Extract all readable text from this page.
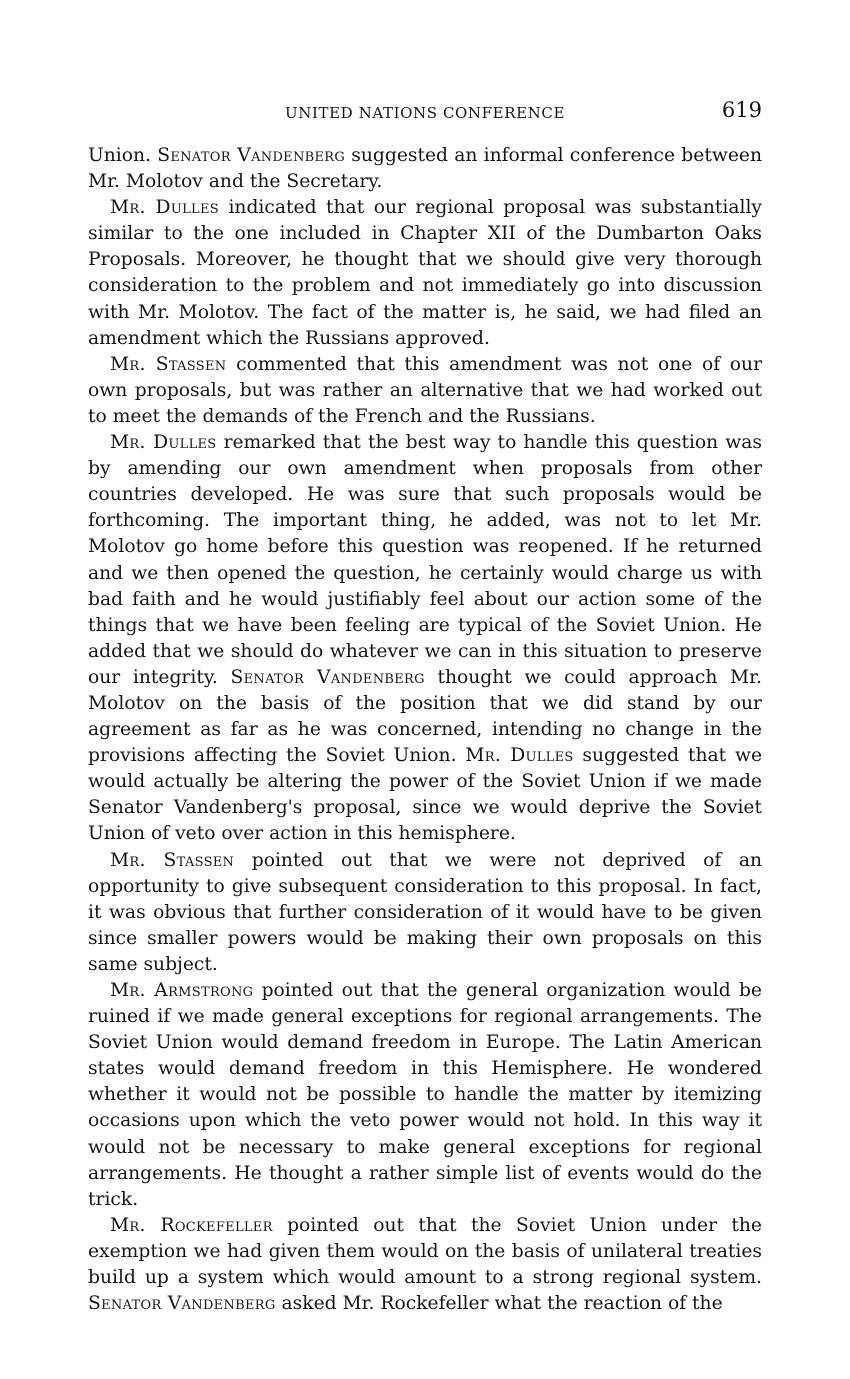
UNITED NATIONS CONFERENCE	619

Union. Senator Vandenberg suggested an informal conference between Mr. Molotov and the Secretary.

Mr. Dulles indicated that our regional proposal was substantially similar to the one included in Chapter XII of the Dumbarton Oaks Proposals. Moreover, he thought that we should give very thorough consideration to the problem and not immediately go into discussion with Mr. Molotov. The fact of the matter is, he said, we had filed an amendment which the Russians approved.

Mr. Stassen commented that this amendment was not one of our own proposals, but was rather an alternative that we had worked out to meet the demands of the French and the Russians.

Mr. Dulles remarked that the best way to handle this question was by amending our own amendment when proposals from other countries developed. He was sure that such proposals would be forthcoming. The important thing, he added, was not to let Mr. Molotov go home before this question was reopened. If he returned and we then opened the question, he certainly would charge us with bad faith and he would justifiably feel about our action some of the things that we have been feeling are typical of the Soviet Union. He added that we should do whatever we can in this situation to preserve our integrity. Senator Vandenberg thought we could approach Mr. Molotov on the basis of the position that we did stand by our agreement as far as he was concerned, intending no change in the provisions affecting the Soviet Union. Mr. Dulles suggested that we would actually be altering the power of the Soviet Union if we made Senator Vandenberg's proposal, since we would deprive the Soviet Union of veto over action in this hemisphere.

Mr. Stassen pointed out that we were not deprived of an opportunity to give subsequent consideration to this proposal. In fact, it was obvious that further consideration of it would have to be given since smaller powers would be making their own proposals on this same subject.

Mr. Armstrong pointed out that the general organization would be ruined if we made general exceptions for regional arrangements. The Soviet Union would demand freedom in Europe. The Latin American states would demand freedom in this Hemisphere. He wondered whether it would not be possible to handle the matter by itemizing occasions upon which the veto power would not hold. In this way it would not be necessary to make general exceptions for regional arrangements. He thought a rather simple list of events would do the trick.

Mr. Rockefeller pointed out that the Soviet Union under the exemption we had given them would on the basis of unilateral treaties build up a system which would amount to a strong regional system. Senator Vandenberg asked Mr. Rockefeller what the reaction of the
